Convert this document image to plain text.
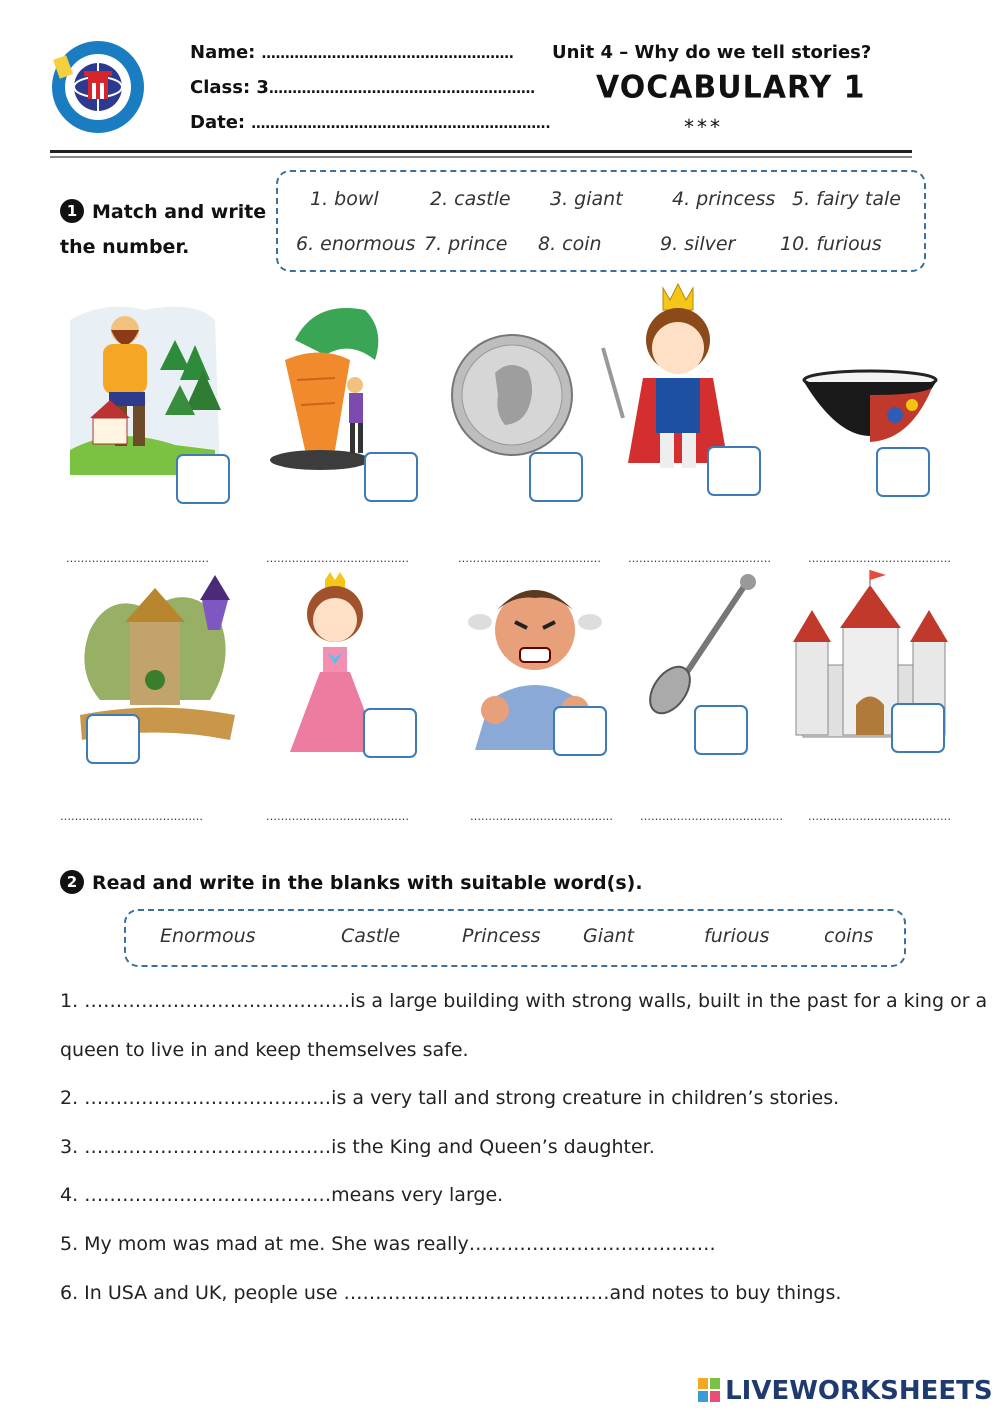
Name: ………………………………………………
Class: 3…………………………………………………
Date: ……………………………………………………….
Unit 4 – Why do we tell stories?
VOCABULARY 1
***
1 Match and write
the number.
1. bowl	2. castle 3. giant	4. princess 5. fairy tale
6. enormous 7. prince 8. coin	9. silver 10. furious
…………………………………	…………………………………	………………………………… …………………………………	…………………………………
…………………………………	…………………………………	………………………………… ………………………………… …………………………………
2 Read and write in the blanks with suitable word(s).
Enormous	Castle	Princess Giant	furious	coins
1. ……………………………………is a large building with strong walls, built in the past for a king or a
queen to live in and keep themselves safe.
2. …………………………………is a very tall and strong creature in children’s stories.
3. …………………………………is the King and Queen’s daughter.
4. …………………………………means very large.
5. My mom was mad at me. She was really…………………………………
6. In USA and UK, people use ……………………………………and notes to buy things.
LIVEWORKSHEETS
